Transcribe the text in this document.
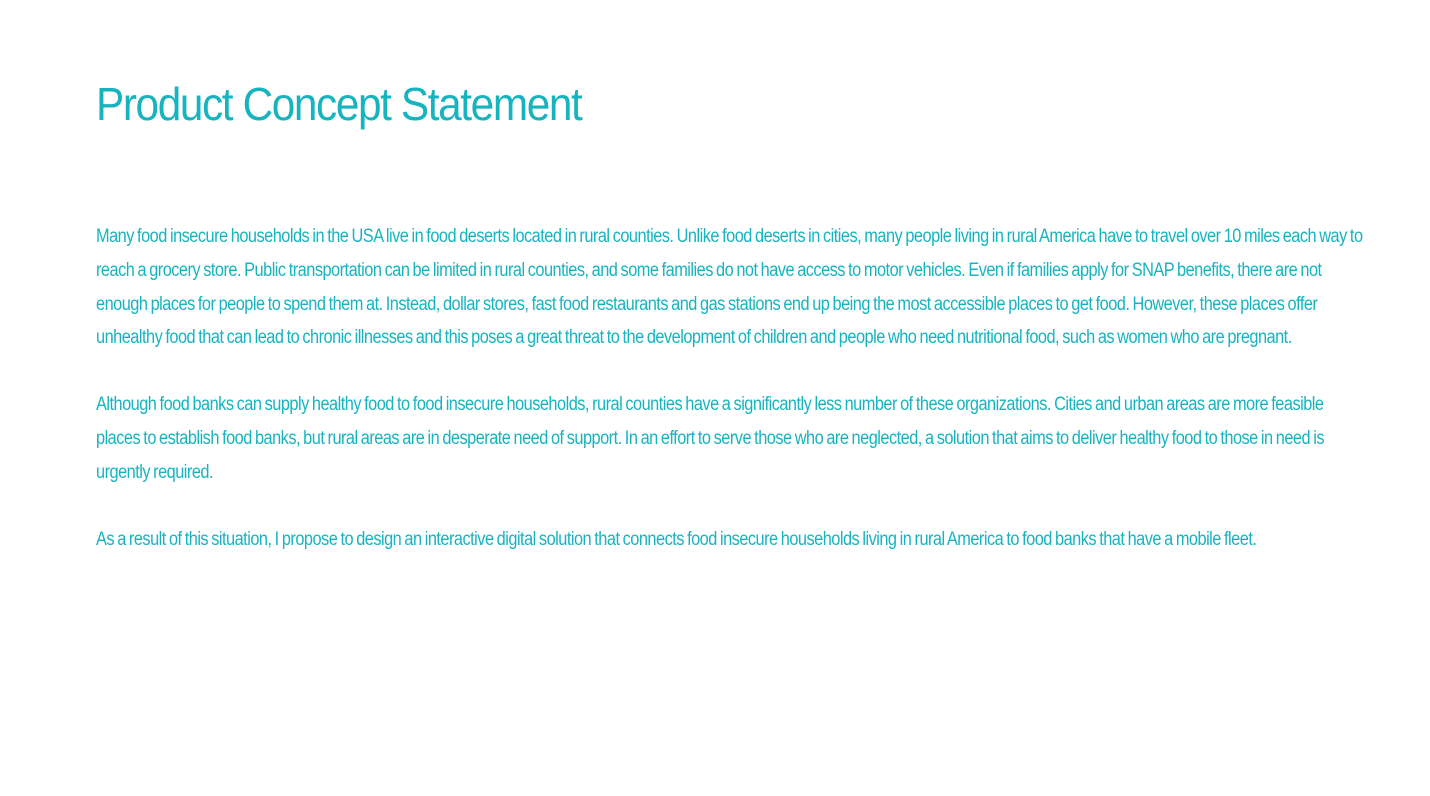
Product Concept Statement

Many food insecure households in the USA live in food deserts located in rural counties. Unlike food deserts in cities, many people living in rural America have to travel over 10 miles each way to reach a grocery store. Public transportation can be limited in rural counties, and some families do not have access to motor vehicles. Even if families apply for SNAP benefits, there are not enough places for people to spend them at. Instead, dollar stores, fast food restaurants and gas stations end up being the most accessible places to get food. However, these places offer unhealthy food that can lead to chronic illnesses and this poses a great threat to the development of children and people who need nutritional food, such as women who are pregnant.

Although food banks can supply healthy food to food insecure households, rural counties have a significantly less number of these organizations. Cities and urban areas are more feasible places to establish food banks, but rural areas are in desperate need of support. In an effort to serve those who are neglected, a solution that aims to deliver healthy food to those in need is urgently required.

As a result of this situation, I propose to design an interactive digital solution that connects food insecure households living in rural America to food banks that have a mobile fleet.
